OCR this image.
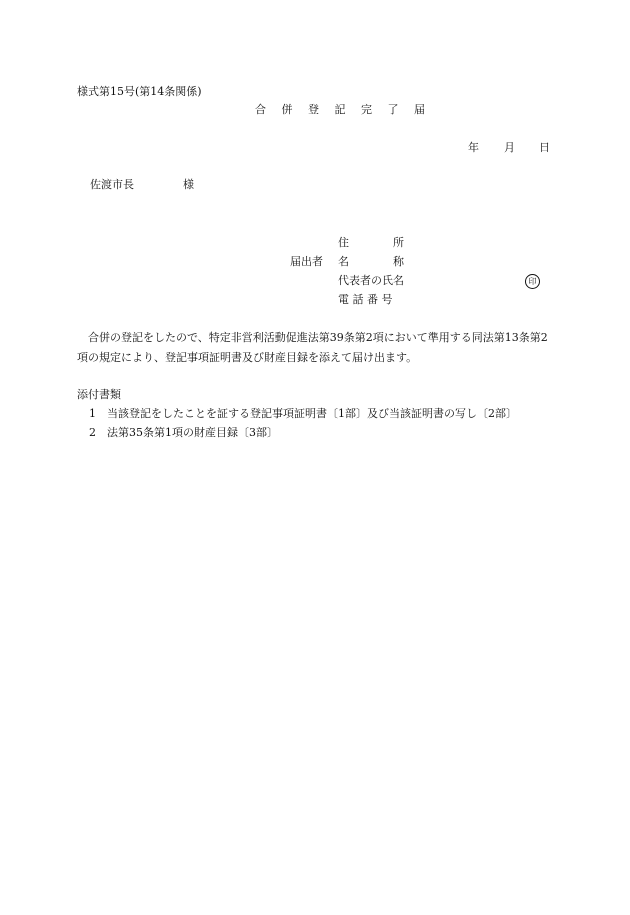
様式第15号(第14条関係)
合 併 登 記 完 了 届
年 月 日
佐渡市長	様
届出者
住　　　　所
名　　　　称
代表者の氏名	印
電 話 番 号
合併の登記をしたので、特定非営利活動促進法第39条第2項において準用する同法第13条第2項の規定により、登記事項証明書及び財産目録を添えて届け出ます。
添付書類
1 当該登記をしたことを証する登記事項証明書〔1部〕及び当該証明書の写し〔2部〕
2 法第35条第1項の財産目録〔3部〕
